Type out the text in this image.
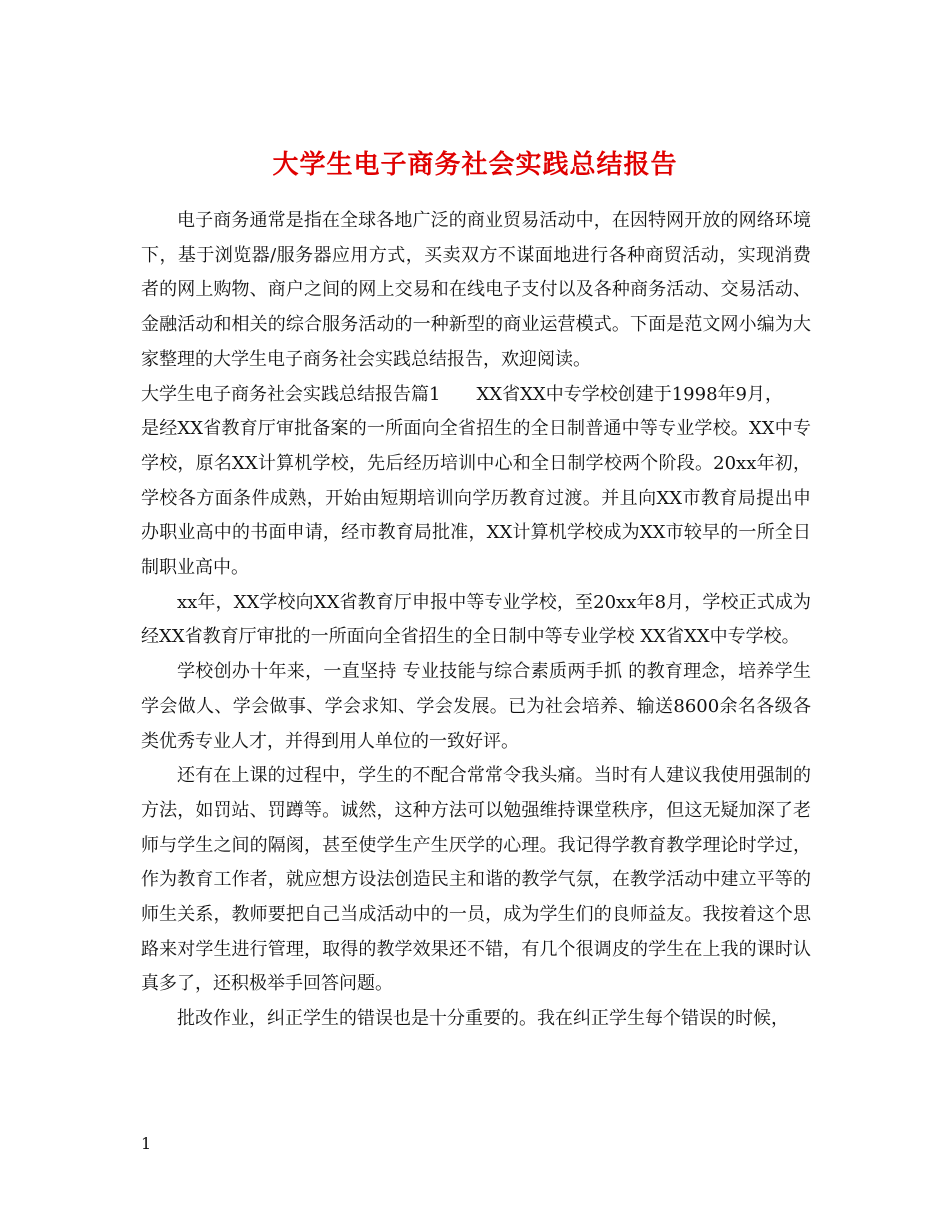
大学生电子商务社会实践总结报告

电子商务通常是指在全球各地广泛的商业贸易活动中，在因特网开放的网络环境下，基于浏览器/服务器应用方式，买卖双方不谋面地进行各种商贸活动，实现消费者的网上购物、商户之间的网上交易和在线电子支付以及各种商务活动、交易活动、金融活动和相关的综合服务活动的一种新型的商业运营模式。下面是范文网小编为大家整理的大学生电子商务社会实践总结报告，欢迎阅读。

大学生电子商务社会实践总结报告篇1 XX省XX中专学校创建于1998年9月，

是经XX省教育厅审批备案的一所面向全省招生的全日制普通中等专业学校。XX中专学校，原名XX计算机学校，先后经历培训中心和全日制学校两个阶段。20xx年初，学校各方面条件成熟，开始由短期培训向学历教育过渡。并且向XX市教育局提出申办职业高中的书面申请，经市教育局批准，XX计算机学校成为XX市较早的一所全日制职业高中。

xx年，XX学校向XX省教育厅申报中等专业学校，至20xx年8月，学校正式成为经XX省教育厅审批的一所面向全省招生的全日制中等专业学校 XX省XX中专学校。

学校创办十年来，一直坚持 专业技能与综合素质两手抓 的教育理念，培养学生学会做人、学会做事、学会求知、学会发展。已为社会培养、输送8600余名各级各类优秀专业人才，并得到用人单位的一致好评。

还有在上课的过程中，学生的不配合常常令我头痛。当时有人建议我使用强制的方法，如罚站、罚蹲等。诚然，这种方法可以勉强维持课堂秩序，但这无疑加深了老师与学生之间的隔阂，甚至使学生产生厌学的心理。我记得学教育教学理论时学过，作为教育工作者，就应想方设法创造民主和谐的教学气氛，在教学活动中建立平等的师生关系，教师要把自己当成活动中的一员，成为学生们的良师益友。我按着这个思路来对学生进行管理，取得的教学效果还不错，有几个很调皮的学生在上我的课时认真多了，还积极举手回答问题。

批改作业，纠正学生的错误也是十分重要的。我在纠正学生每个错误的时候，

1
